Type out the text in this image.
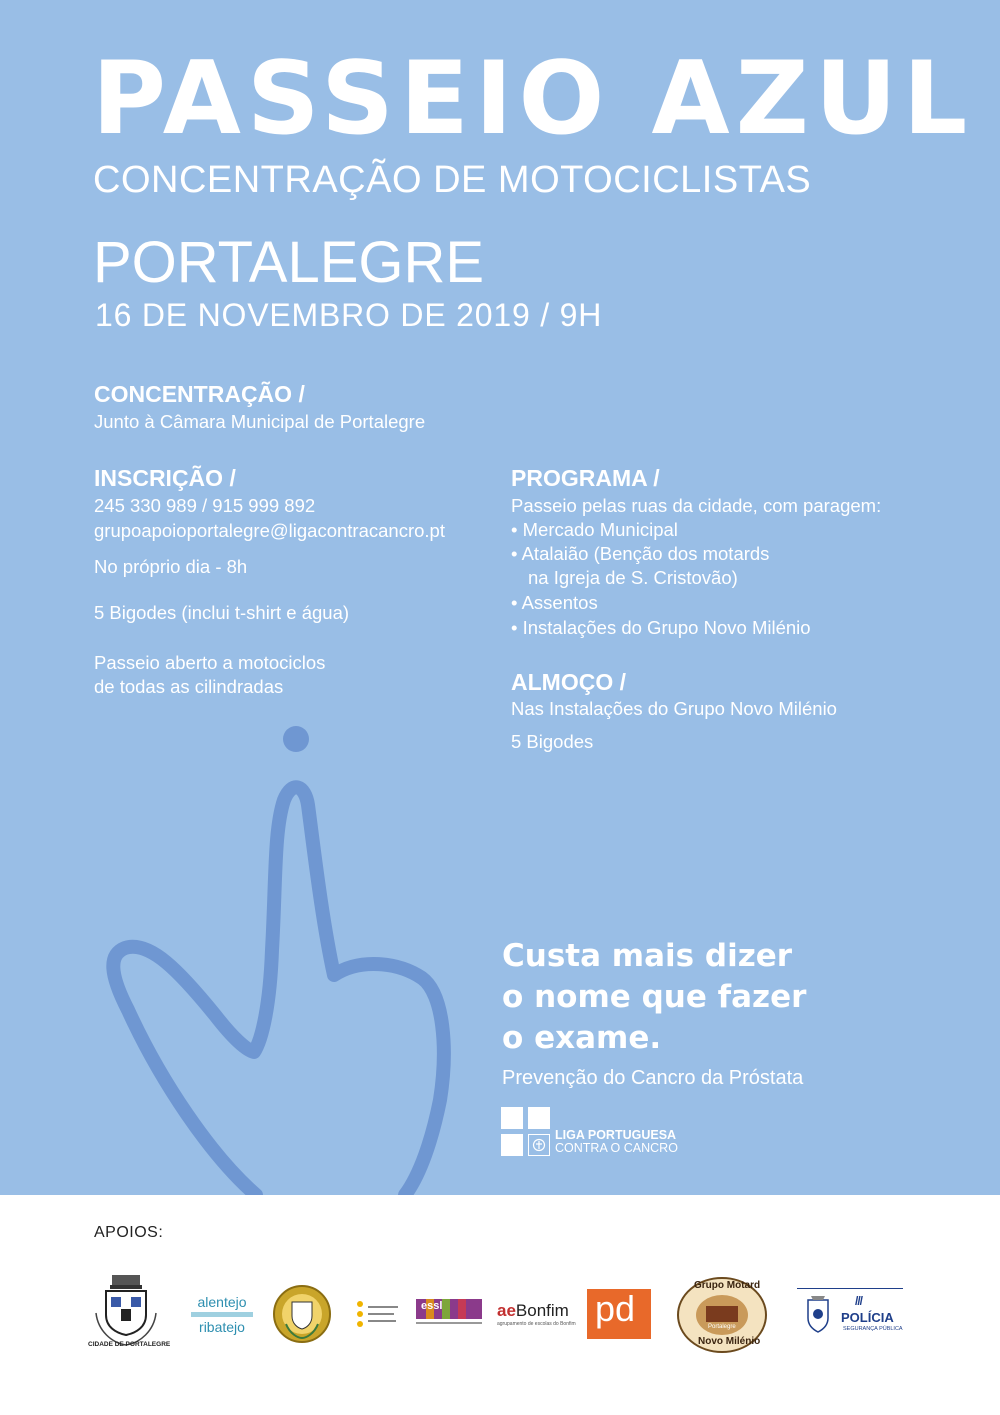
PASSEIO AZUL
CONCENTRAÇÃO DE MOTOCICLISTAS
PORTALEGRE
16 DE NOVEMBRO DE 2019 / 9H
CONCENTRAÇÃO /
Junto à Câmara Municipal de Portalegre
INSCRIÇÃO /
245 330 989 / 915 999 892
grupoapoioportalegre@ligacontracancro.pt
No próprio dia - 8h
5 Bigodes (inclui t-shirt e água)
Passeio aberto a motociclos
de todas as cilindradas
PROGRAMA /
Passeio pelas ruas da cidade, com paragem:
• Mercado Municipal
• Atalaião (Benção dos motards
na Igreja de S. Cristovão)
• Assentos
• Instalações do Grupo Novo Milénio
ALMOÇO /
Nas Instalações do Grupo Novo Milénio
5 Bigodes
Custa mais dizer
o nome que fazer
o exame.
Prevenção do Cancro da Próstata
LIGA PORTUGUESA
CONTRA O CANCRO
APOIOS:
CIDADE DE PORTALEGRE
alentejo
ribatejo
essl	aeBonfim
agrupamento de escolas do Bonfim pd
Grupo Motard
Novo Milénio
Portalegre
///
POLÍCIA
SEGURANÇA PÚBLICA
